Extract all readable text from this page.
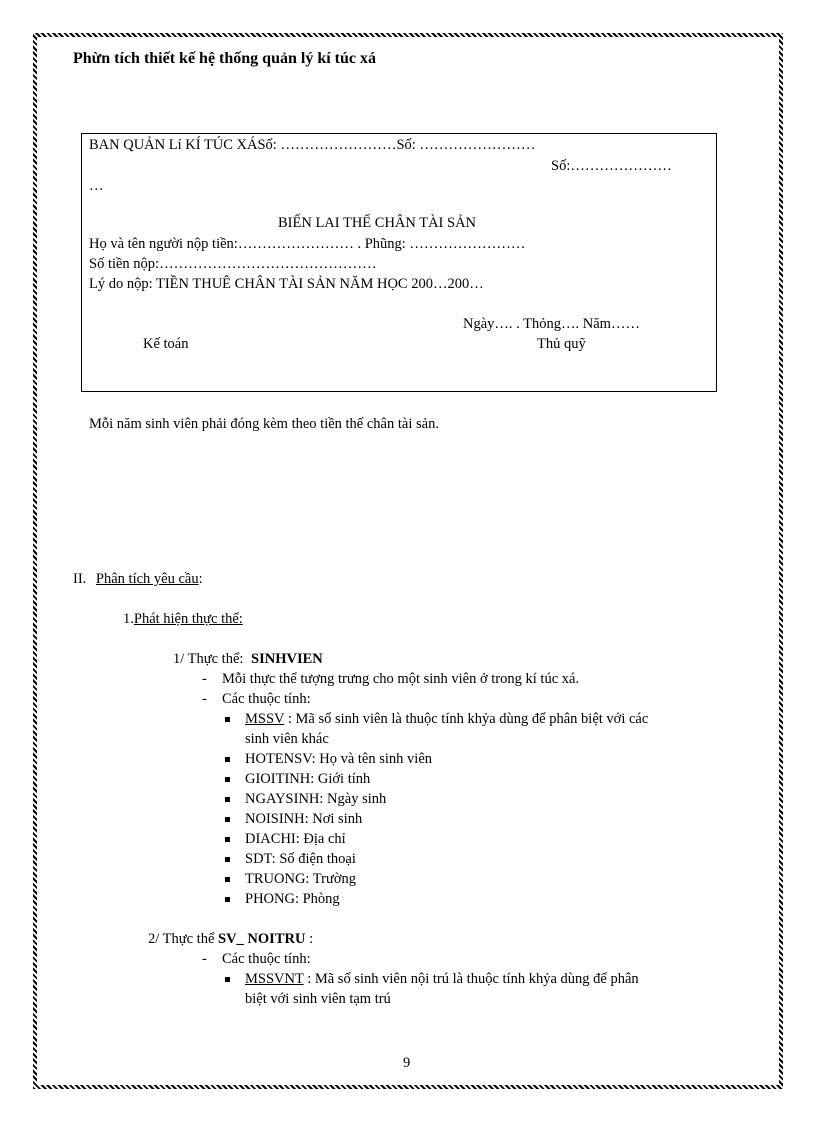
Phừn tích thiết kế hệ thống quản lý kí túc xá
BAN QUẢN Lí KÍ TÚC XÁSố: ……………………Số: ……………………
Số:…………………
…
BIẾN LAI THẾ CHÂN TÀI SẢN
Họ và tên người nộp tiền:…………………… . Phũng: ……………………
Số tiền nộp:………………………………………
Lý do nộp: TIỀN THUÊ CHÂN TÀI SẢN NĂM HỌC 200…200…
Ngày…. . Thỏng…. Năm……
Kế toán	Thủ quỹ
Mỗi năm sinh viên phải đóng kèm theo tiền thế chân tài sản.
II. Phân tích yêu cầu:
1.Phát hiện thực thể:
1/ Thực thể: SINHVIEN
- Mỗi thực thể tượng trưng cho một sinh viên ở trong kí túc xá.
- Các thuộc tính:
MSSV : Mã số sinh viên là thuộc tính khỷa dùng để phân biệt với các
sinh viên khác
HOTENSV: Họ và tên sinh viên
GIOITINH: Giới tính
NGAYSINH: Ngày sinh
NOISINH: Nơi sinh
DIACHI: Địa chỉ
SDT: Số điện thoại
TRUONG: Trường
PHONG: Phòng
2/ Thực thể SV_ NOITRU :
- Các thuộc tính:
MSSVNT : Mã số sinh viên nội trú là thuộc tính khỷa dùng để phân
biệt với sinh viên tạm trú
9
